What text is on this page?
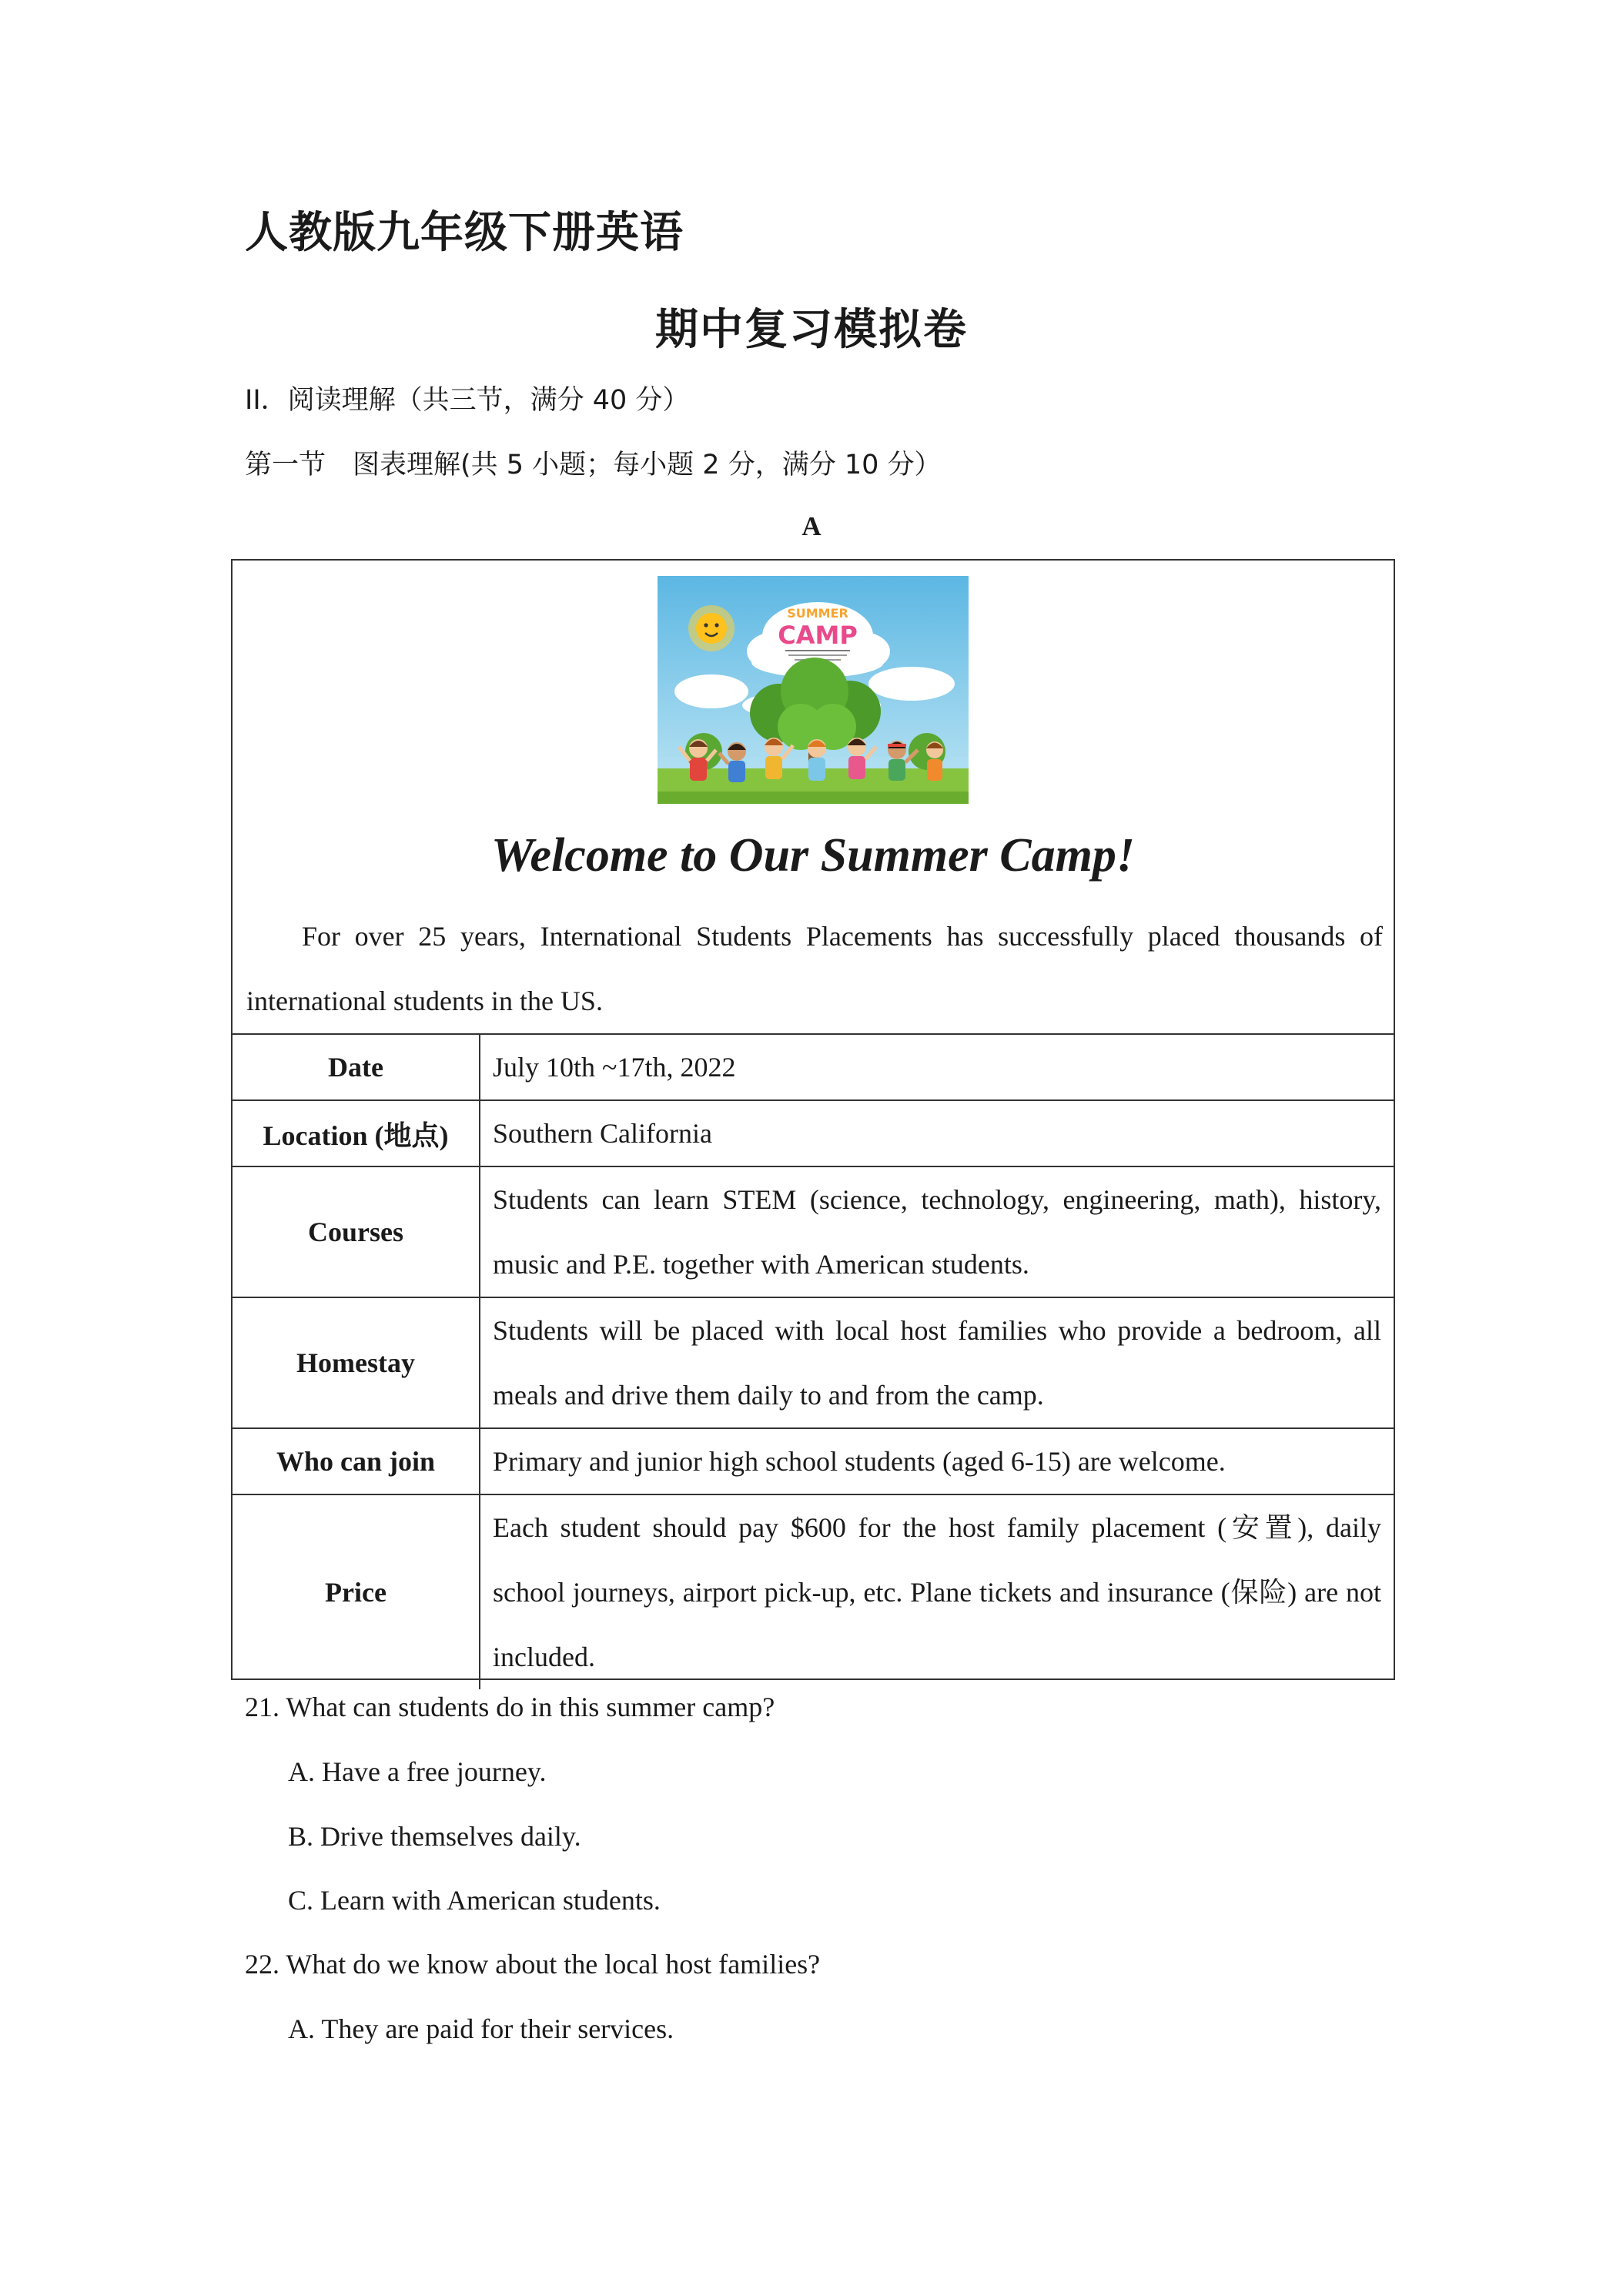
人教版九年级下册英语
期中复习模拟卷
II．阅读理解（共三节，满分 40 分）
第一节　图表理解(共 5 小题；每小题 2 分，满分 10 分）
A
SUMMER
CAMP
Welcome to Our Summer Camp!

For over 25 years, International Students Placements has successfully placed thousands of international students in the US.

Date	July 10th ~17th, 2022
Location (地点)	Southern California
Courses	Students can learn STEM (science, technology, engineering, math), history, music and P.E. together with American students.
Homestay	Students will be placed with local host families who provide a bedroom, all meals and drive them daily to and from the camp.
Who can join	Primary and junior high school students (aged 6-15) are welcome.
Price	Each student should pay $600 for the host family placement (安置), daily school journeys, airport pick-up, etc. Plane tickets and insurance (保险) are not included.
21. What can students do in this summer camp?
A. Have a free journey.
B. Drive themselves daily.
C. Learn with American students.
22. What do we know about the local host families?
A. They are paid for their services.
